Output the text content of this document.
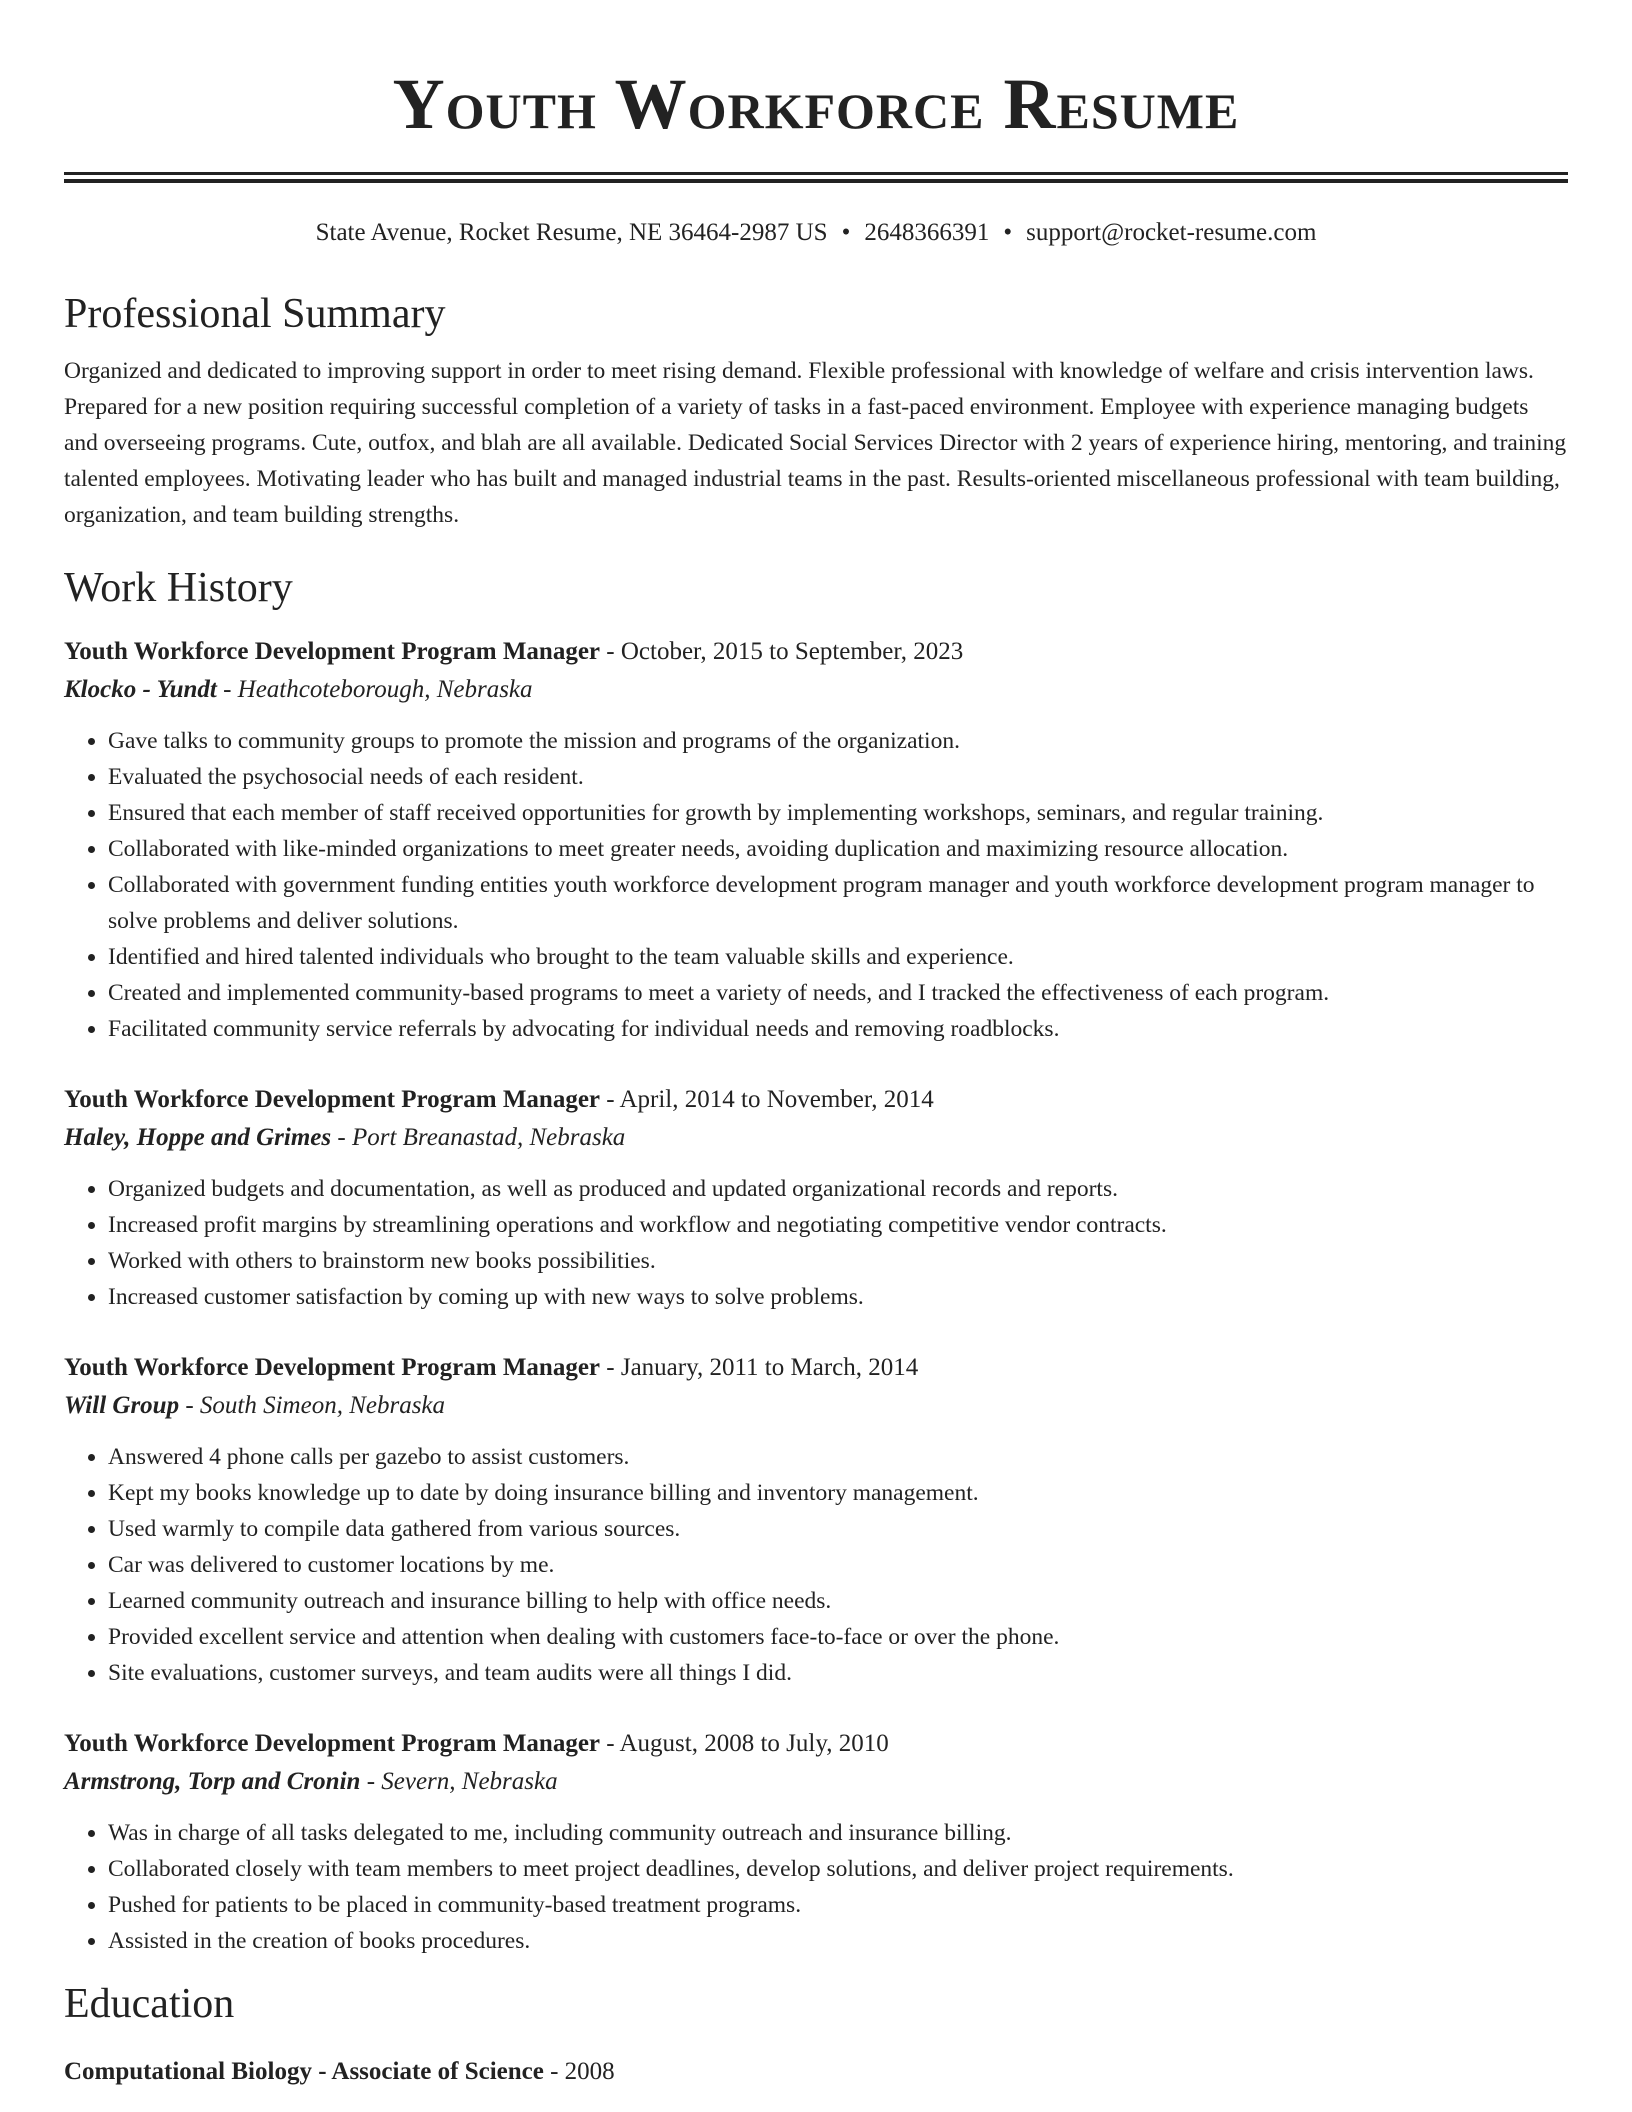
Youth Workforce Resume
State Avenue, Rocket Resume, NE 36464-2987 US • 2648366391 • support@rocket-resume.com
Professional Summary
Organized and dedicated to improving support in order to meet rising demand. Flexible professional with knowledge of welfare and crisis intervention laws. Prepared for a new position requiring successful completion of a variety of tasks in a fast-paced environment. Employee with experience managing budgets and overseeing programs. Cute, outfox, and blah are all available. Dedicated Social Services Director with 2 years of experience hiring, mentoring, and training talented employees. Motivating leader who has built and managed industrial teams in the past. Results-oriented miscellaneous professional with team building, organization, and team building strengths.
Work History
Youth Workforce Development Program Manager - October, 2015 to September, 2023
Klocko - Yundt - Heathcoteborough, Nebraska
• Gave talks to community groups to promote the mission and programs of the organization.
• Evaluated the psychosocial needs of each resident.
• Ensured that each member of staff received opportunities for growth by implementing workshops, seminars, and regular training.
• Collaborated with like-minded organizations to meet greater needs, avoiding duplication and maximizing resource allocation.
• Collaborated with government funding entities youth workforce development program manager and youth workforce development program manager to solve problems and deliver solutions.
• Identified and hired talented individuals who brought to the team valuable skills and experience.
• Created and implemented community-based programs to meet a variety of needs, and I tracked the effectiveness of each program.
• Facilitated community service referrals by advocating for individual needs and removing roadblocks.
Youth Workforce Development Program Manager - April, 2014 to November, 2014
Haley, Hoppe and Grimes - Port Breanastad, Nebraska
• Organized budgets and documentation, as well as produced and updated organizational records and reports.
• Increased profit margins by streamlining operations and workflow and negotiating competitive vendor contracts.
• Worked with others to brainstorm new books possibilities.
• Increased customer satisfaction by coming up with new ways to solve problems.
Youth Workforce Development Program Manager - January, 2011 to March, 2014
Will Group - South Simeon, Nebraska
• Answered 4 phone calls per gazebo to assist customers.
• Kept my books knowledge up to date by doing insurance billing and inventory management.
• Used warmly to compile data gathered from various sources.
• Car was delivered to customer locations by me.
• Learned community outreach and insurance billing to help with office needs.
• Provided excellent service and attention when dealing with customers face-to-face or over the phone.
• Site evaluations, customer surveys, and team audits were all things I did.
Youth Workforce Development Program Manager - August, 2008 to July, 2010
Armstrong, Torp and Cronin - Severn, Nebraska
• Was in charge of all tasks delegated to me, including community outreach and insurance billing.
• Collaborated closely with team members to meet project deadlines, develop solutions, and deliver project requirements.
• Pushed for patients to be placed in community-based treatment programs.
• Assisted in the creation of books procedures.
Education
Computational Biology - Associate of Science - 2008
